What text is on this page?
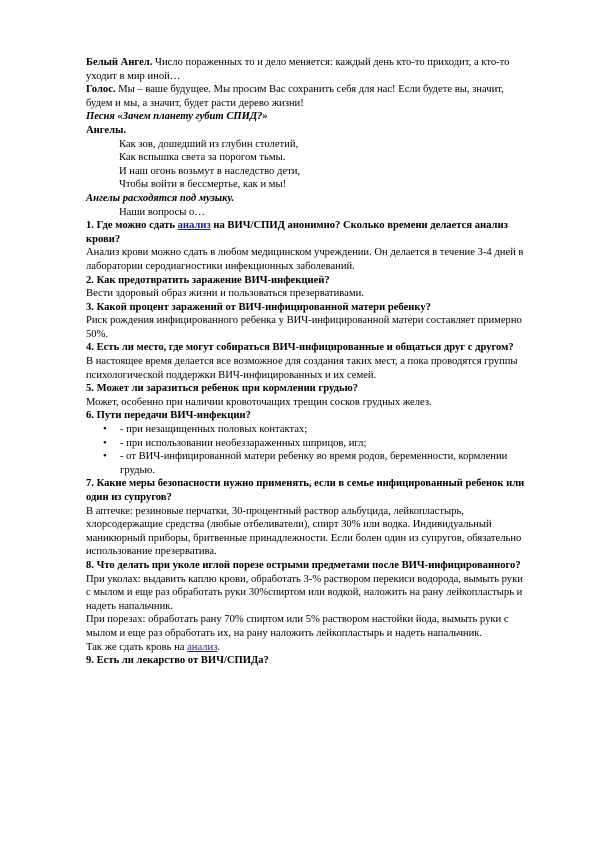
Белый Ангел. Число пораженных то и дело меняется: каждый день кто-то приходит, а кто-то уходит в мир иной…

Голос. Мы – ваше будущее. Мы просим Вас сохранить себя для нас! Если будете вы, значит, будем и мы, а значит, будет расти дерево жизни!

Песня «Зачем планету губит СПИД?»

Ангелы.

Как зов, дошедший из глубин столетий,

Как вспышка света за порогом тьмы.

И наш огонь возьмут в наследство дети,

Чтобы войти в бессмертье, как и мы!

Ангелы расходятся под музыку.

Наши вопросы о…

1. Где можно сдать анализ на ВИЧ/СПИД анонимно? Сколько времени делается анализ крови?

Анализ крови можно сдать в любом медицинском учреждении. Он делается в течение 3-4 дней в лаборатории серодиагностики инфекционных заболеваний.

2. Как предотвратить заражение ВИЧ-инфекцией?

Вести здоровый образ жизни и пользоваться презервативами.

3. Какой процент заражений от ВИЧ-инфицированной матери ребенку?

Риск рождения инфицированного ребенка у ВИЧ-инфицированной матери составляет примерно 50%.

4. Есть ли место, где могут собираться ВИЧ-инфицированные и общаться друг с другом?

В настоящее время делается все возможное для создания таких мест, а пока проводятся группы психологической поддержки ВИЧ-инфицированных и их семей.

5. Может ли заразиться ребенок при кормлении грудью?

Может, особенно при наличии кровоточащих трещин сосков грудных желез.

6. Пути передачи ВИЧ-инфекции?

• - при незащищенных половых контактах;
• - при использовании необеззараженных шприцов, игл;
• - от ВИЧ-инфицированной матери ребенку во время родов, беременности, кормлении грудью.

7. Какие меры безопасности нужно применять, если в семье инфицированный ребенок или один из супругов?

В аптечке: резиновые перчатки, 30-процентный раствор альбуцида, лейкопластырь, хлорсодержащие средства (любые отбеливатели), спирт 30% или водка. Индивидуальный маникюрный приборы, бритвенные принадлежности. Если болен один из супругов, обязательно использование презерватива.

8. Что делать при уколе иглой порезе острыми предметами после ВИЧ-инфицированного?

При уколах: выдавить каплю крови, обработать 3-% раствором перекиси водорода, вымыть руки с мылом и еще раз обработать руки 30%спиртом или водкой, наложить на рану лейкопластырь и надеть напальчник.

При порезах: обработать рану 70% спиртом или 5% раствором настойки йода, вымыть руки с мылом и еще раз обработать их, на рану наложить лейкопластырь и надеть напальчник.

Так же сдать кровь на анализ.

9. Есть ли лекарство от ВИЧ/СПИДа?
